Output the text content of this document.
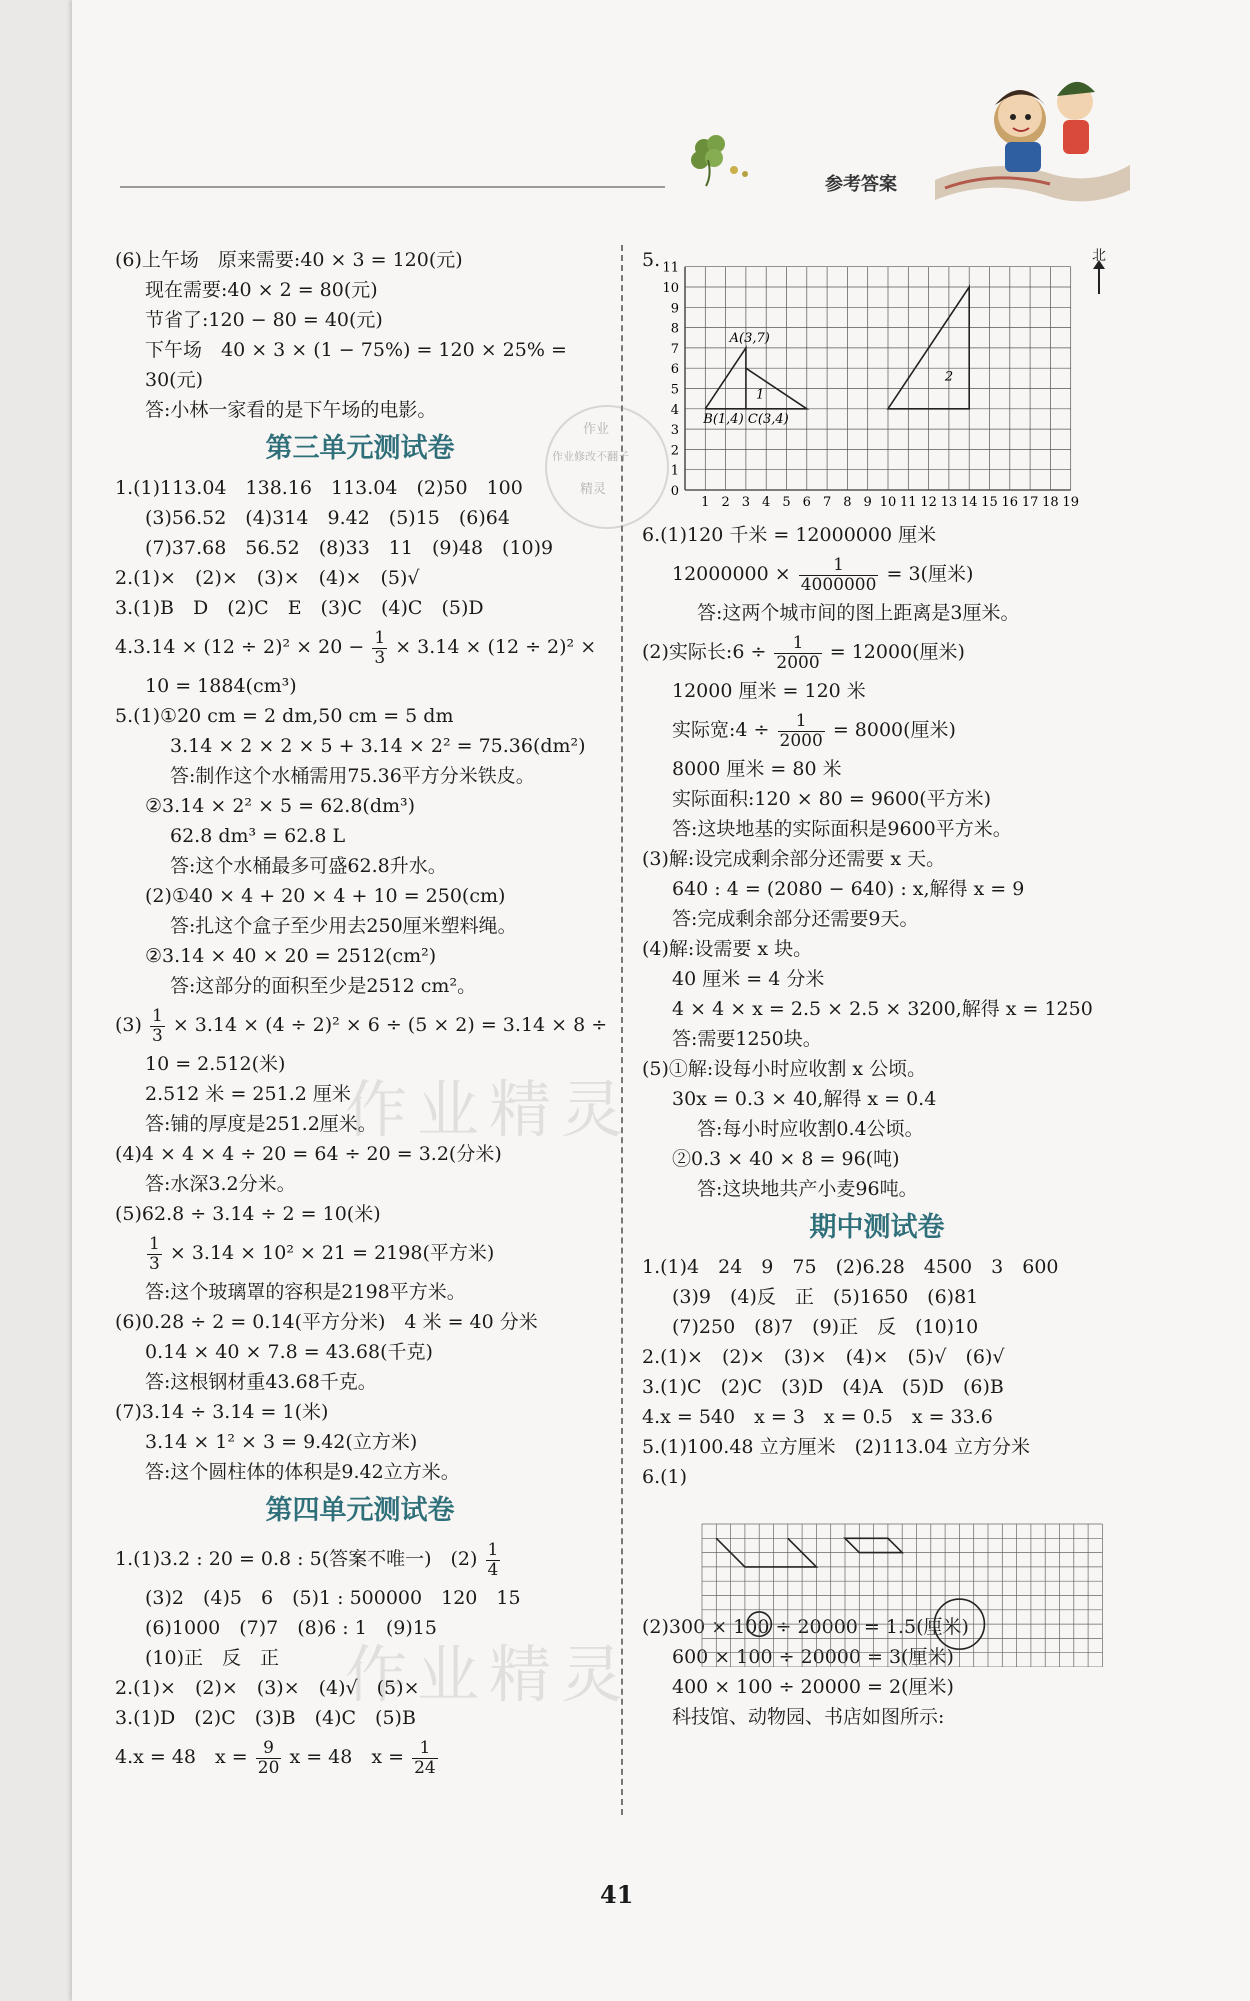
参考答案
作业
作业修改不翻子
精灵
作业精灵
作业精灵
(6)上午场　原来需要:40 × 3 = 120(元)
现在需要:40 × 2 = 80(元)
节省了:120 − 80 = 40(元)
下午场　40 × 3 × (1 − 75%) = 120 × 25% =
30(元)
答:小林一家看的是下午场的电影。
第三单元测试卷
1.(1)113.04　138.16　113.04　(2)50　100
(3)56.52　(4)314　9.42　(5)15　(6)64
(7)37.68　56.52　(8)33　11　(9)48　(10)9
2.(1)×　(2)×　(3)×　(4)×　(5)√
3.(1)B　D　(2)C　E　(3)C　(4)C　(5)D
$4.3.14 \times (12 \div 2)^2 \times 20 - \frac{1}{3} \times 3.14 \times (12 \div 2)^2$ ×
10 = 1884(cm³)
5.(1)①20 cm = 2 dm,50 cm = 5 dm
3.14 × 2 × 2 × 5 + 3.14 × 2² = 75.36(dm²)
答:制作这个水桶需用75.36平方分米铁皮。
②3.14 × 2² × 5 = 62.8(dm³)
62.8 dm³ = 62.8 L
答:这个水桶最多可盛62.8升水。
(2)①40 × 4 + 20 × 4 + 10 = 250(cm)
答:扎这个盒子至少用去250厘米塑料绳。
②3.14 × 40 × 20 = 2512(cm²)
答:这部分的面积至少是2512 cm²。
$(3) \frac{1}{3} \times 3.14 \times (4 \div 2)^2 \times 6 \div (5 \times 2) = 3.14 \times 8$ ÷
10 = 2.512(米)
2.512 米 = 251.2 厘米
答:铺的厚度是251.2厘米。
(4)4 × 4 × 4 ÷ 20 = 64 ÷ 20 = 3.2(分米)
答:水深3.2分米。
(5)62.8 ÷ 3.14 ÷ 2 = 10(米)
$\frac{1}{3} \times 3.14 \times 10^2 \times 21 = 2198$(平方米)
答:这个玻璃罩的容积是2198平方米。
(6)0.28 ÷ 2 = 0.14(平方分米)　4 米 = 40 分米
0.14 × 40 × 7.8 = 43.68(千克)
答:这根钢材重43.68千克。
(7)3.14 ÷ 3.14 = 1(米)
3.14 × 1² × 3 = 9.42(立方米)
答:这个圆柱体的体积是9.42立方米。
第四单元测试卷
1.(1)3.2 : 20 = 0.8 : 5(答案不唯一)　$(2) \frac{1}{4}$
(3)2　(4)5　6　(5)1 : 500000　120　15
(6)1000　(7)7　(8)6 : 1　(9)15
(10)正　反　正
2.(1)×　(2)×　(3)×　(4)√　(5)×
3.(1)D　(2)C　(3)B　(4)C　(5)B
4.x = 48　$x = \frac{9}{20}$ x = 48　$x = \frac{1}{24}$
5.
1 2 3 4 5 6 7 8 9 10 11 12 13 14 15 16 17 18 19
0
1
2
3
4
5
6
7
8
9
10
11
A(3,7)
B(1,4) C(3,4)
1
2
北
6.(1)120 千米 = 12000000 厘米
$12000000 \times \frac{1}{4000000} = 3$(厘米)
答:这两个城市间的图上距离是3厘米。
(2)实际长:6 ÷ $\frac{1}{2000} = 12000$(厘米)
12000 厘米 = 120 米
实际宽:4 ÷ $\frac{1}{2000} = 8000$(厘米)
8000 厘米 = 80 米
实际面积:120 × 80 = 9600(平方米)
答:这块地基的实际面积是9600平方米。
(3)解:设完成剩余部分还需要 x 天。
640 : 4 = (2080 − 640) : x,解得 x = 9
答:完成剩余部分还需要9天。
(4)解:设需要 x 块。
40 厘米 = 4 分米
4 × 4 × x = 2.5 × 2.5 × 3200,解得 x = 1250
答:需要1250块。
(5)①解:设每小时应收割 x 公顷。
30x = 0.3 × 40,解得 x = 0.4
答:每小时应收割0.4公顷。
②0.3 × 40 × 8 = 96(吨)
答:这块地共产小麦96吨。
期中测试卷
1.(1)4　24　9　75　(2)6.28　4500　3　600
(3)9　(4)反　正　(5)1650　(6)81
(7)250　(8)7　(9)正　反　(10)10
2.(1)×　(2)×　(3)×　(4)×　(5)√　(6)√
3.(1)C　(2)C　(3)D　(4)A　(5)D　(6)B
4.x = 540　x = 3　x = 0.5　x = 33.6
5.(1)100.48 立方厘米　(2)113.04 立方分米
6.(1)
(2)300 × 100 ÷ 20000 = 1.5(厘米)
600 × 100 ÷ 20000 = 3(厘米)
400 × 100 ÷ 20000 = 2(厘米)
科技馆、动物园、书店如图所示:
41
